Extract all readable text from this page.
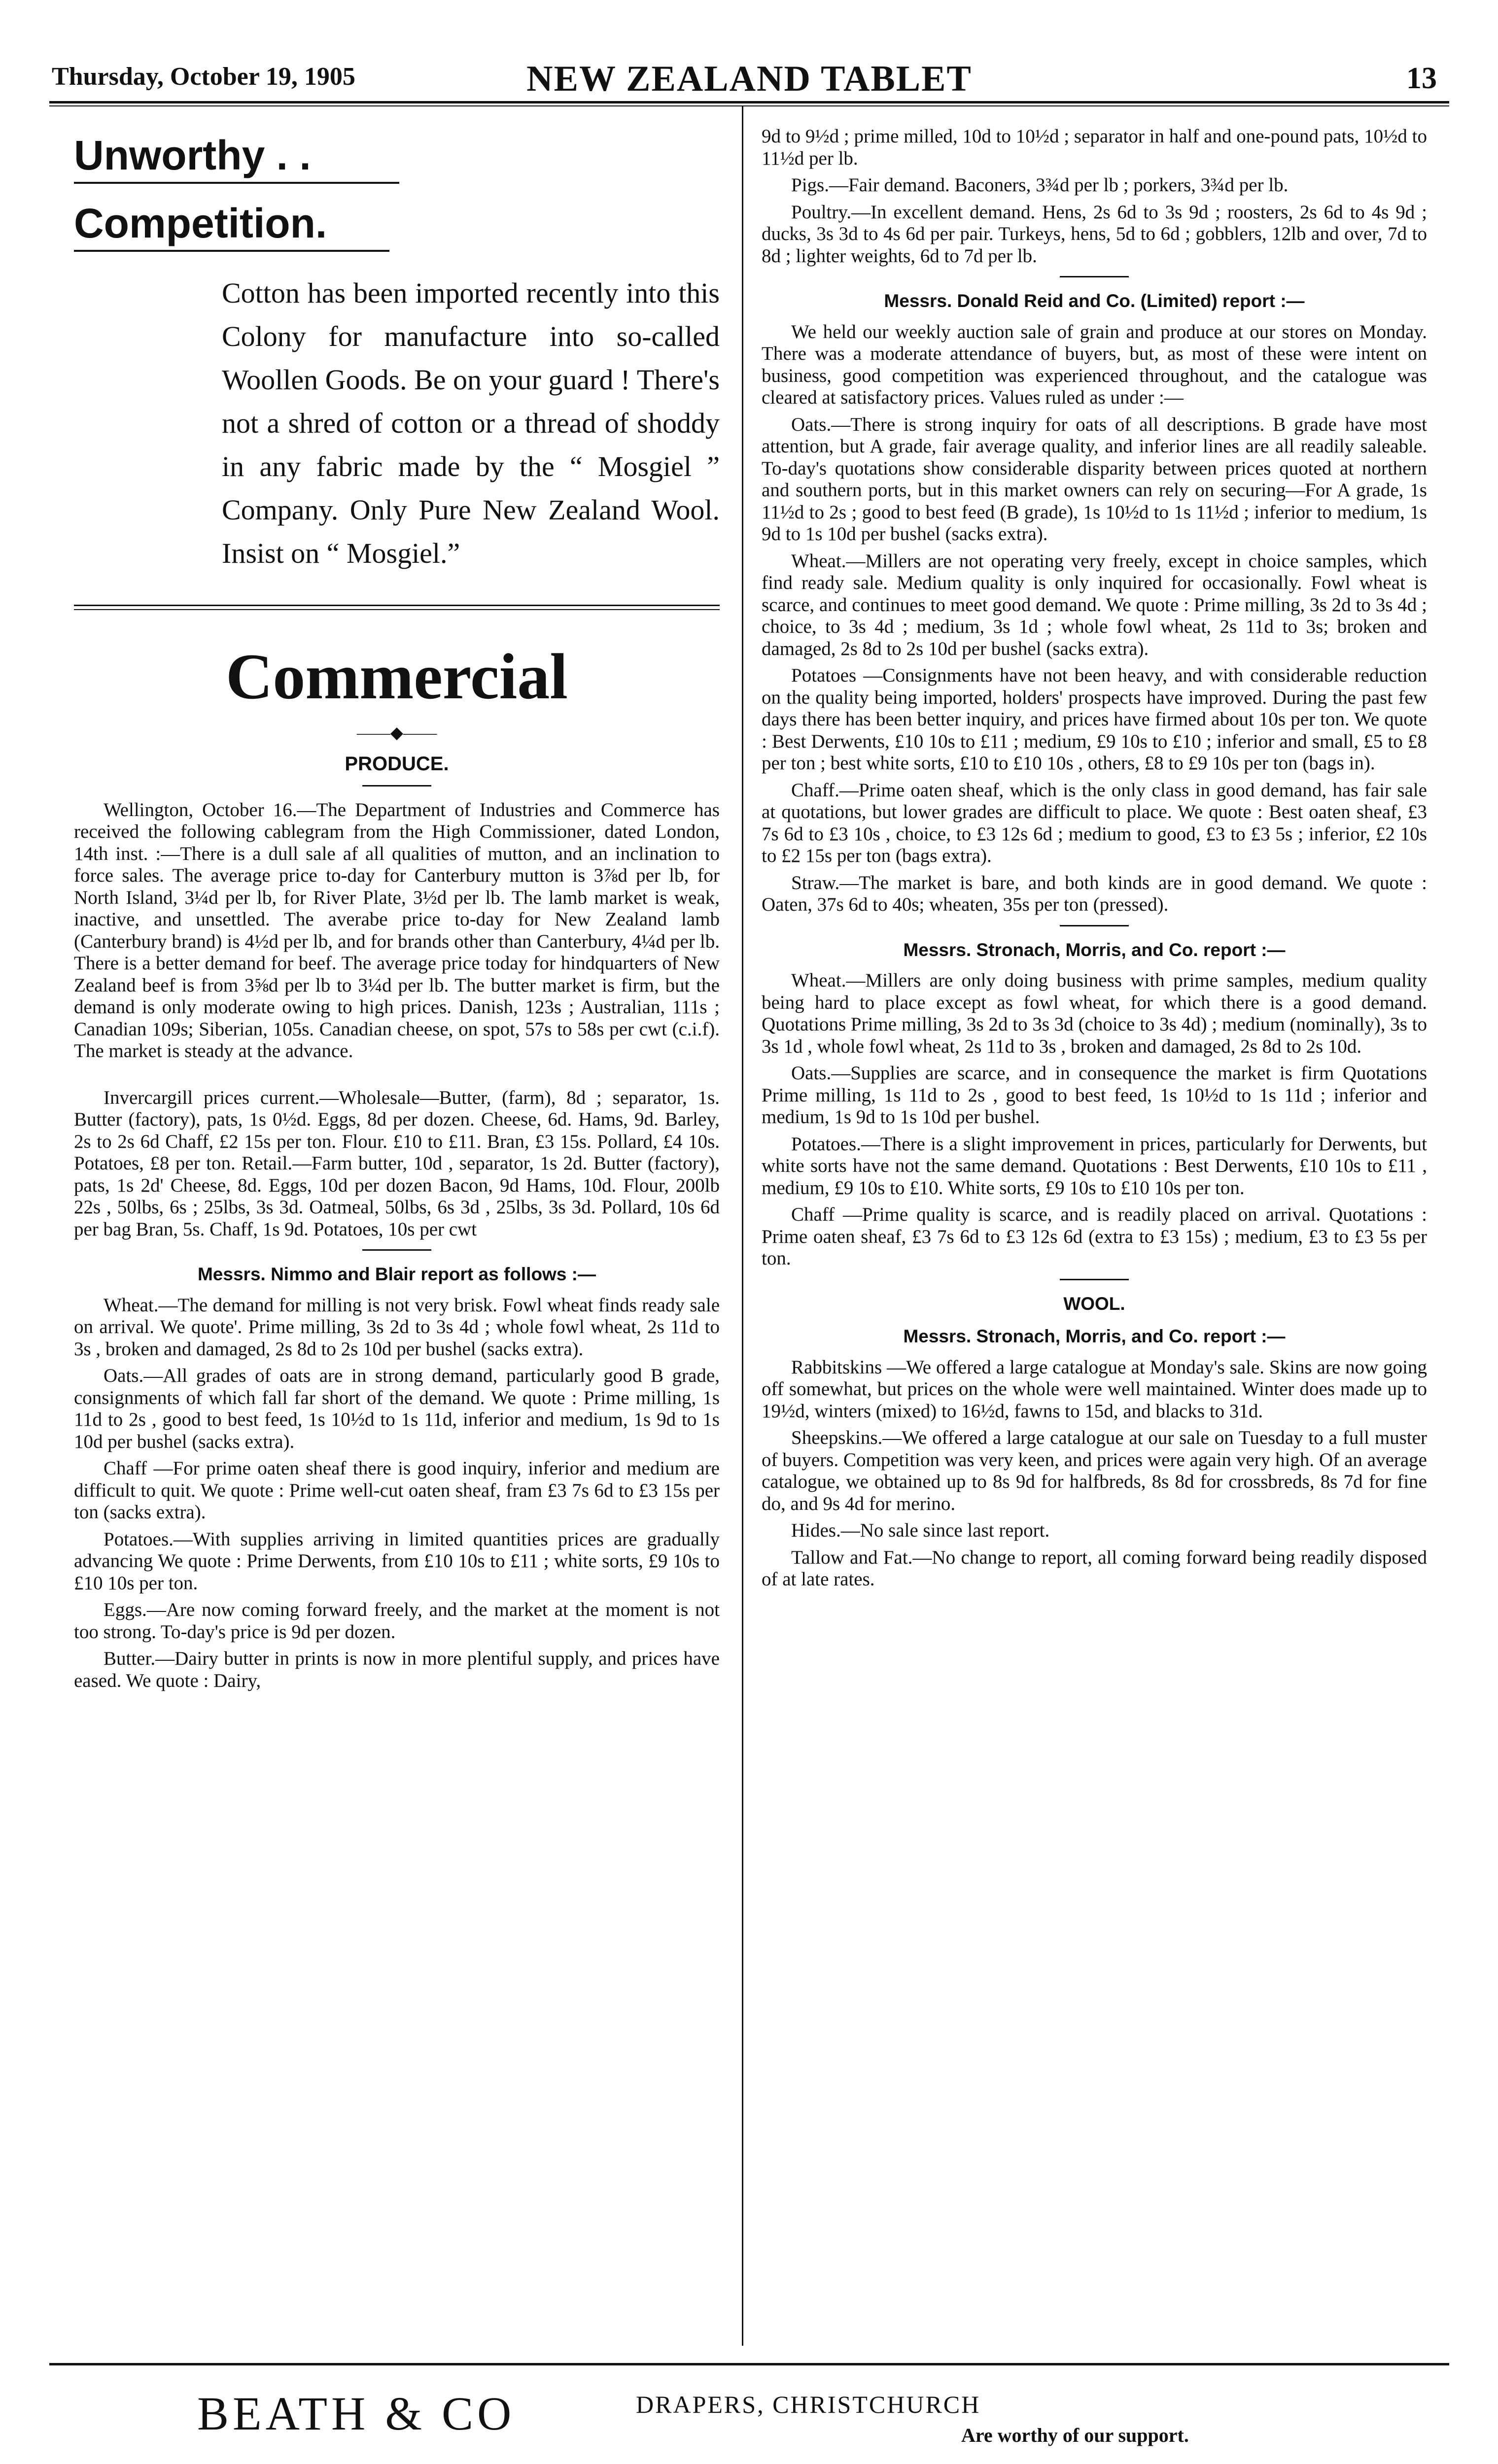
Thursday, October 19, 1905	NEW ZEALAND TABLET	13
Unworthy . .
Competition.
Cotton has been imported recently into this Colony for manufacture into so-called Woollen Goods. Be on your guard ! There's not a shred of cotton or a thread of shoddy in any fabric made by the “ Mosgiel ” Company. Only Pure New Zealand Wool. Insist on “ Mosgiel.”
Commercial
——◆——
PRODUCE.

Wellington, October 16.—The Department of Industries and Commerce has received the following cablegram from the High Commissioner, dated London, 14th inst. :—There is a dull sale af all qualities of mutton, and an inclination to force sales. The average price to-day for Canterbury mutton is 3⅞d per lb, for North Island, 3¼d per lb, for River Plate, 3½d per lb. The lamb market is weak, inactive, and unsettled. The averabe price to-day for New Zealand lamb (Canterbury brand) is 4½d per lb, and for brands other than Canterbury, 4¼d per lb. There is a better demand for beef. The average price today for hindquarters of New Zealand beef is from 3⅝d per lb to 3¼d per lb. The butter market is firm, but the demand is only moderate owing to high prices. Danish, 123s ; Australian, 111s ; Canadian 109s; Siberian, 105s. Canadian cheese, on spot, 57s to 58s per cwt (c.i.f). The market is steady at the advance.

Invercargill prices current.—Wholesale—Butter, (farm), 8d ; separator, 1s. Butter (factory), pats, 1s 0½d. Eggs, 8d per dozen. Cheese, 6d. Hams, 9d. Barley, 2s to 2s 6d Chaff, £2 15s per ton. Flour. £10 to £11. Bran, £3 15s. Pollard, £4 10s. Potatoes, £8 per ton. Retail.—Farm butter, 10d , separator, 1s 2d. Butter (factory), pats, 1s 2d' Cheese, 8d. Eggs, 10d per dozen Bacon, 9d Hams, 10d. Flour, 200lb 22s , 50lbs, 6s ; 25lbs, 3s 3d. Oatmeal, 50lbs, 6s 3d , 25lbs, 3s 3d. Pollard, 10s 6d per bag Bran, 5s. Chaff, 1s 9d. Potatoes, 10s per cwt

Messrs. Nimmo and Blair report as follows :—

Wheat.—The demand for milling is not very brisk. Fowl wheat finds ready sale on arrival. We quote'. Prime milling, 3s 2d to 3s 4d ; whole fowl wheat, 2s 11d to 3s , broken and damaged, 2s 8d to 2s 10d per bushel (sacks extra).

Oats.—All grades of oats are in strong demand, particularly good B grade, consignments of which fall far short of the demand. We quote : Prime milling, 1s 11d to 2s , good to best feed, 1s 10½d to 1s 11d, inferior and medium, 1s 9d to 1s 10d per bushel (sacks extra).

Chaff —For prime oaten sheaf there is good inquiry, inferior and medium are difficult to quit. We quote : Prime well-cut oaten sheaf, fram £3 7s 6d to £3 15s per ton (sacks extra).

Potatoes.—With supplies arriving in limited quantities prices are gradually advancing We quote : Prime Derwents, from £10 10s to £11 ; white sorts, £9 10s to £10 10s per ton.

Eggs.—Are now coming forward freely, and the market at the moment is not too strong. To-day's price is 9d per dozen.

Butter.—Dairy butter in prints is now in more plentiful supply, and prices have eased. We quote : Dairy,

9d to 9½d ; prime milled, 10d to 10½d ; separator in half and one-pound pats, 10½d to 11½d per lb.

Pigs.—Fair demand. Baconers, 3¾d per lb ; porkers, 3¾d per lb.

Poultry.—In excellent demand. Hens, 2s 6d to 3s 9d ; roosters, 2s 6d to 4s 9d ; ducks, 3s 3d to 4s 6d per pair. Turkeys, hens, 5d to 6d ; gobblers, 12lb and over, 7d to 8d ; lighter weights, 6d to 7d per lb.

Messrs. Donald Reid and Co. (Limited) report :—

We held our weekly auction sale of grain and produce at our stores on Monday. There was a moderate attendance of buyers, but, as most of these were intent on business, good competition was experienced throughout, and the catalogue was cleared at satisfactory prices. Values ruled as under :—

Oats.—There is strong inquiry for oats of all descriptions. B grade have most attention, but A grade, fair average quality, and inferior lines are all readily saleable. To-day's quotations show considerable disparity between prices quoted at northern and southern ports, but in this market owners can rely on securing—For A grade, 1s 11½d to 2s ; good to best feed (B grade), 1s 10½d to 1s 11½d ; inferior to medium, 1s 9d to 1s 10d per bushel (sacks extra).

Wheat.—Millers are not operating very freely, except in choice samples, which find ready sale. Medium quality is only inquired for occasionally. Fowl wheat is scarce, and continues to meet good demand. We quote : Prime milling, 3s 2d to 3s 4d ; choice, to 3s 4d ; medium, 3s 1d ; whole fowl wheat, 2s 11d to 3s; broken and damaged, 2s 8d to 2s 10d per bushel (sacks extra).

Potatoes —Consignments have not been heavy, and with considerable reduction on the quality being imported, holders' prospects have improved. During the past few days there has been better inquiry, and prices have firmed about 10s per ton. We quote : Best Derwents, £10 10s to £11 ; medium, £9 10s to £10 ; inferior and small, £5 to £8 per ton ; best white sorts, £10 to £10 10s , others, £8 to £9 10s per ton (bags in).

Chaff.—Prime oaten sheaf, which is the only class in good demand, has fair sale at quotations, but lower grades are difficult to place. We quote : Best oaten sheaf, £3 7s 6d to £3 10s , choice, to £3 12s 6d ; medium to good, £3 to £3 5s ; inferior, £2 10s to £2 15s per ton (bags extra).

Straw.—The market is bare, and both kinds are in good demand. We quote : Oaten, 37s 6d to 40s; wheaten, 35s per ton (pressed).

Messrs. Stronach, Morris, and Co. report :—

Wheat.—Millers are only doing business with prime samples, medium quality being hard to place except as fowl wheat, for which there is a good demand. Quotations Prime milling, 3s 2d to 3s 3d (choice to 3s 4d) ; medium (nominally), 3s to 3s 1d , whole fowl wheat, 2s 11d to 3s , broken and damaged, 2s 8d to 2s 10d.

Oats.—Supplies are scarce, and in consequence the market is firm Quotations Prime milling, 1s 11d to 2s , good to best feed, 1s 10½d to 1s 11d ; inferior and medium, 1s 9d to 1s 10d per bushel.

Potatoes.—There is a slight improvement in prices, particularly for Derwents, but white sorts have not the same demand. Quotations : Best Derwents, £10 10s to £11 , medium, £9 10s to £10. White sorts, £9 10s to £10 10s per ton.

Chaff —Prime quality is scarce, and is readily placed on arrival. Quotations : Prime oaten sheaf, £3 7s 6d to £3 12s 6d (extra to £3 15s) ; medium, £3 to £3 5s per ton.

WOOL.
Messrs. Stronach, Morris, and Co. report :—

Rabbitskins —We offered a large catalogue at Monday's sale. Skins are now going off somewhat, but prices on the whole were well maintained. Winter does made up to 19½d, winters (mixed) to 16½d, fawns to 15d, and blacks to 31d.

Sheepskins.—We offered a large catalogue at our sale on Tuesday to a full muster of buyers. Competition was very keen, and prices were again very high. Of an average catalogue, we obtained up to 8s 9d for halfbreds, 8s 8d for crossbreds, 8s 7d for fine do, and 9s 4d for merino.

Hides.—No sale since last report.

Tallow and Fat.—No change to report, all coming forward being readily disposed of at late rates.

BEATH & CO	DRAPERS, CHRISTCHURCH
Are worthy of our support.
